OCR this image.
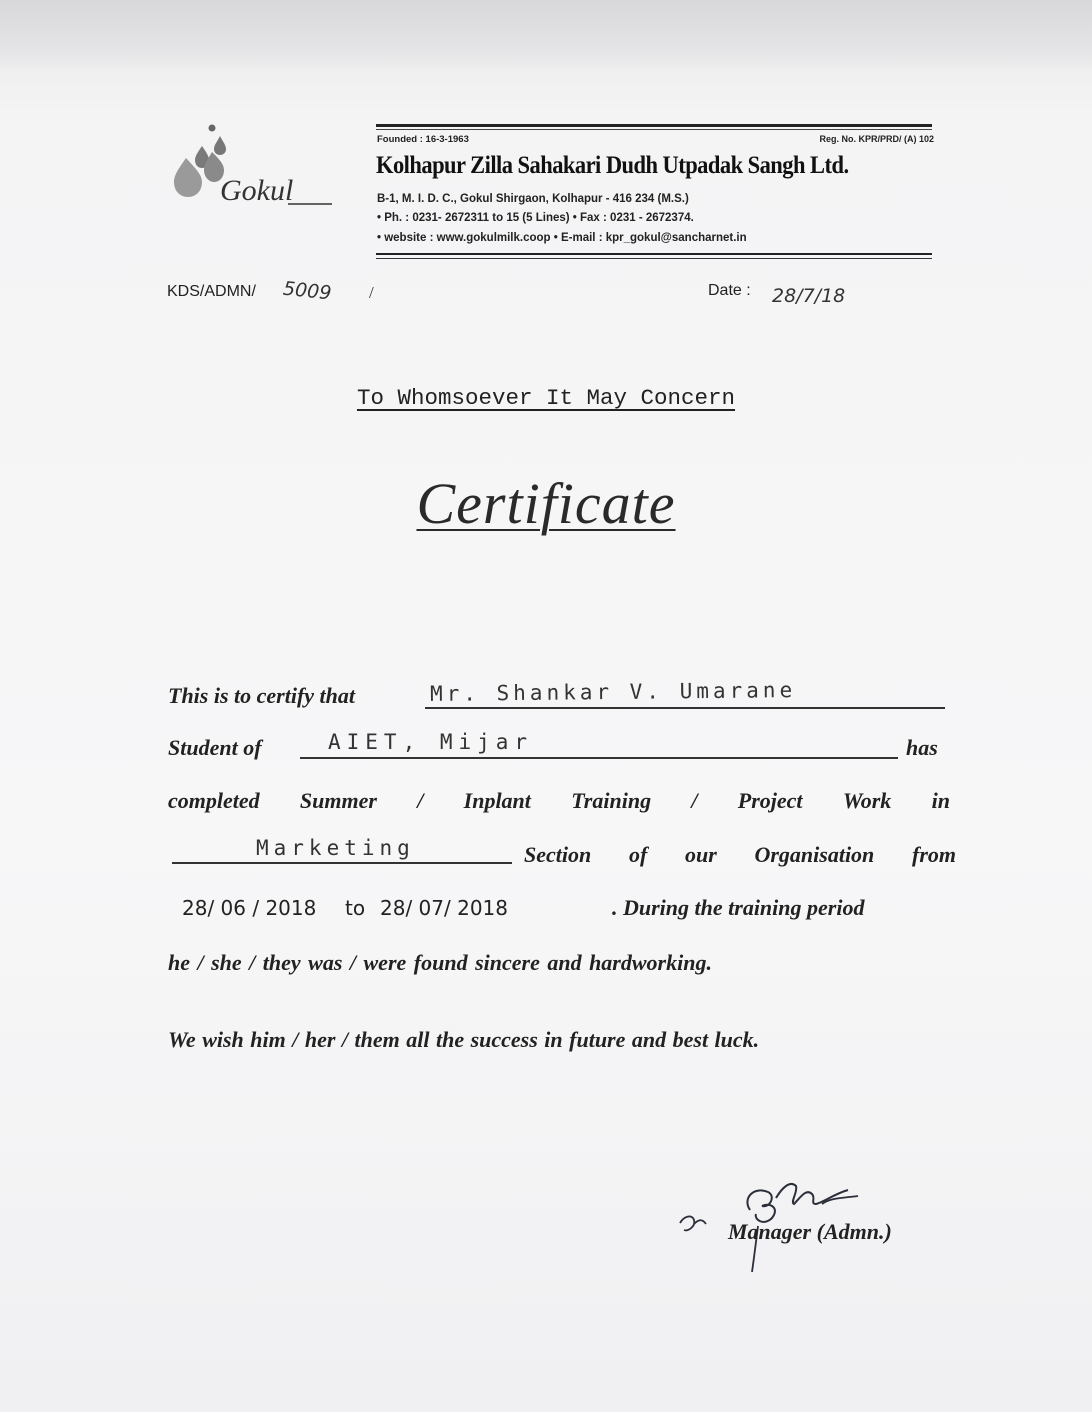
Gokul
Founded : 16-3-1963	Reg. No. KPR/PRD/ (A) 102
Kolhapur Zilla Sahakari Dudh Utpadak Sangh Ltd.
B-1, M. I. D. C., Gokul Shirgaon, Kolhapur - 416 234 (M.S.)
• Ph. : 0231- 2672311 to 15 (5 Lines) • Fax : 0231 - 2672374.
• website : www.gokulmilk.coop • E-mail : kpr_gokul@sancharnet.in
KDS/ADMN/ 5009 /	Date : 28/7/18
To Whomsoever It May Concern
Certificate
This is to certify that	Mr. Shankar V. Umarane
Student of	AIET, Mijar	has
completed Summer / Inplant Training / Project Work in
Marketing	Section of our Organisation from
28/ 06 / 2018 to 28/ 07/ 2018	. During the training period
he / she / they was / were found sincere and hardworking.
We wish him / her / them all the success in future and best luck.
Manager (Admn.)
